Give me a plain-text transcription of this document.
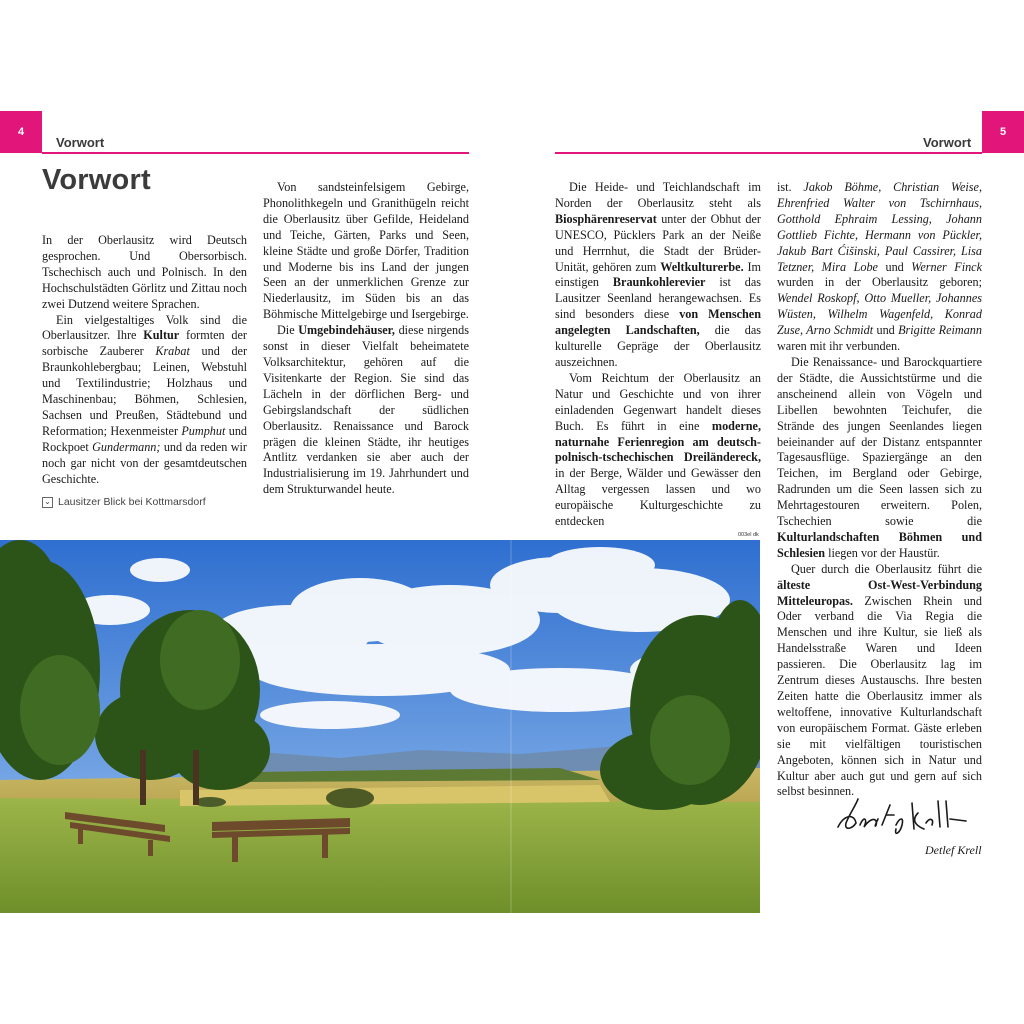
4
Vorwort
5
Vorwort
Vorwort

In der Oberlausitz wird Deutsch gesprochen. Und Obersorbisch. Tschechisch auch und Polnisch. In den Hochschulstädten Görlitz und Zittau noch zwei Dutzend weitere Sprachen.

Ein vielgestaltiges Volk sind die Oberlausitzer. Ihre Kultur formten der sorbische Zauberer Krabat und der Braunkohlebergbau; Leinen, Webstuhl und Textilindustrie; Holzhaus und Maschinenbau; Böhmen, Schlesien, Sachsen und Preußen, Städtebund und Reformation; Hexenmeister Pumphut und Rockpoet Gundermann; und da reden wir noch gar nicht von der gesamtdeutschen Geschichte.

⌄ Lausitzer Blick bei Kottmarsdorf

Von sandsteinfelsigem Gebirge, Phonolithkegeln und Granithügeln reicht die Oberlausitz über Gefilde, Heideland und Teiche, Gärten, Parks und Seen, kleine Städte und große Dörfer, Tradition und Moderne bis ins Land der jungen Seen an der unmerklichen Grenze zur Niederlausitz, im Süden bis an das Böhmische Mittelgebirge und Isergebirge.

Die Umgebindehäuser, diese nirgends sonst in dieser Vielfalt beheimatete Volksarchitektur, gehören auf die Visitenkarte der Region. Sie sind das Lächeln in der dörflichen Berg- und Gebirgslandschaft der südlichen Oberlausitz. Renaissance und Barock prägen die kleinen Städte, ihr heutiges Antlitz verdanken sie aber auch der Industrialisierung im 19. Jahrhundert und dem Strukturwandel heute.

Die Heide- und Teichlandschaft im Norden der Oberlausitz steht als Biosphärenreservat unter der Obhut der UNESCO, Pücklers Park an der Neiße und Herrnhut, die Stadt der Brüder-Unität, gehören zum Weltkulturerbe. Im einstigen Braunkohlerevier ist das Lausitzer Seenland herangewachsen. Es sind besonders diese von Menschen angelegten Landschaften, die das kulturelle Gepräge der Oberlausitz auszeichnen.

Vom Reichtum der Oberlausitz an Natur und Geschichte und von ihrer einladenden Gegenwart handelt dieses Buch. Es führt in eine moderne, naturnahe Ferienregion am deutsch-polnisch-tschechischen Dreiländereck, in der Berge, Wälder und Gewässer den Alltag vergessen lassen und wo europäische Kulturgeschichte zu entdecken

ist. Jakob Böhme, Christian Weise, Ehrenfried Walter von Tschirnhaus, Gotthold Ephraim Lessing, Johann Gottlieb Fichte, Hermann von Pückler, Jakub Bart Ćišinski, Paul Cassirer, Lisa Tetzner, Mira Lobe und Werner Finck wurden in der Oberlausitz geboren; Wendel Roskopf, Otto Mueller, Johannes Wüsten, Wilhelm Wagenfeld, Konrad Zuse, Arno Schmidt und Brigitte Reimann waren mit ihr verbunden.

Die Renaissance- und Barockquartiere der Städte, die Aussichtstürme und die anscheinend allein von Vögeln und Libellen bewohnten Teichufer, die Strände des jungen Seenlandes liegen beieinander auf der Distanz entspannter Tagesausflüge. Spaziergänge an den Teichen, im Bergland oder Gebirge, Radrunden um die Seen lassen sich zu Mehrtagestouren erweitern. Polen, Tschechien sowie die Kulturlandschaften Böhmen und Schlesien liegen vor der Haustür.

Quer durch die Oberlausitz führt die älteste Ost-West-Verbindung Mitteleuropas. Zwischen Rhein und Oder verband die Via Regia die Menschen und ihre Kultur, sie ließ als Handelsstraße Waren und Ideen passieren. Die Oberlausitz lag im Zentrum dieses Austauschs. Ihre besten Zeiten hatte die Oberlausitz immer als weltoffene, innovative Kulturlandschaft von europäischem Format. Gäste erleben sie mit vielfältigen touristischen Angeboten, können sich in Natur und Kultur aber auch gut und gern auf sich selbst besinnen.

003el dk
Detlef Krell
